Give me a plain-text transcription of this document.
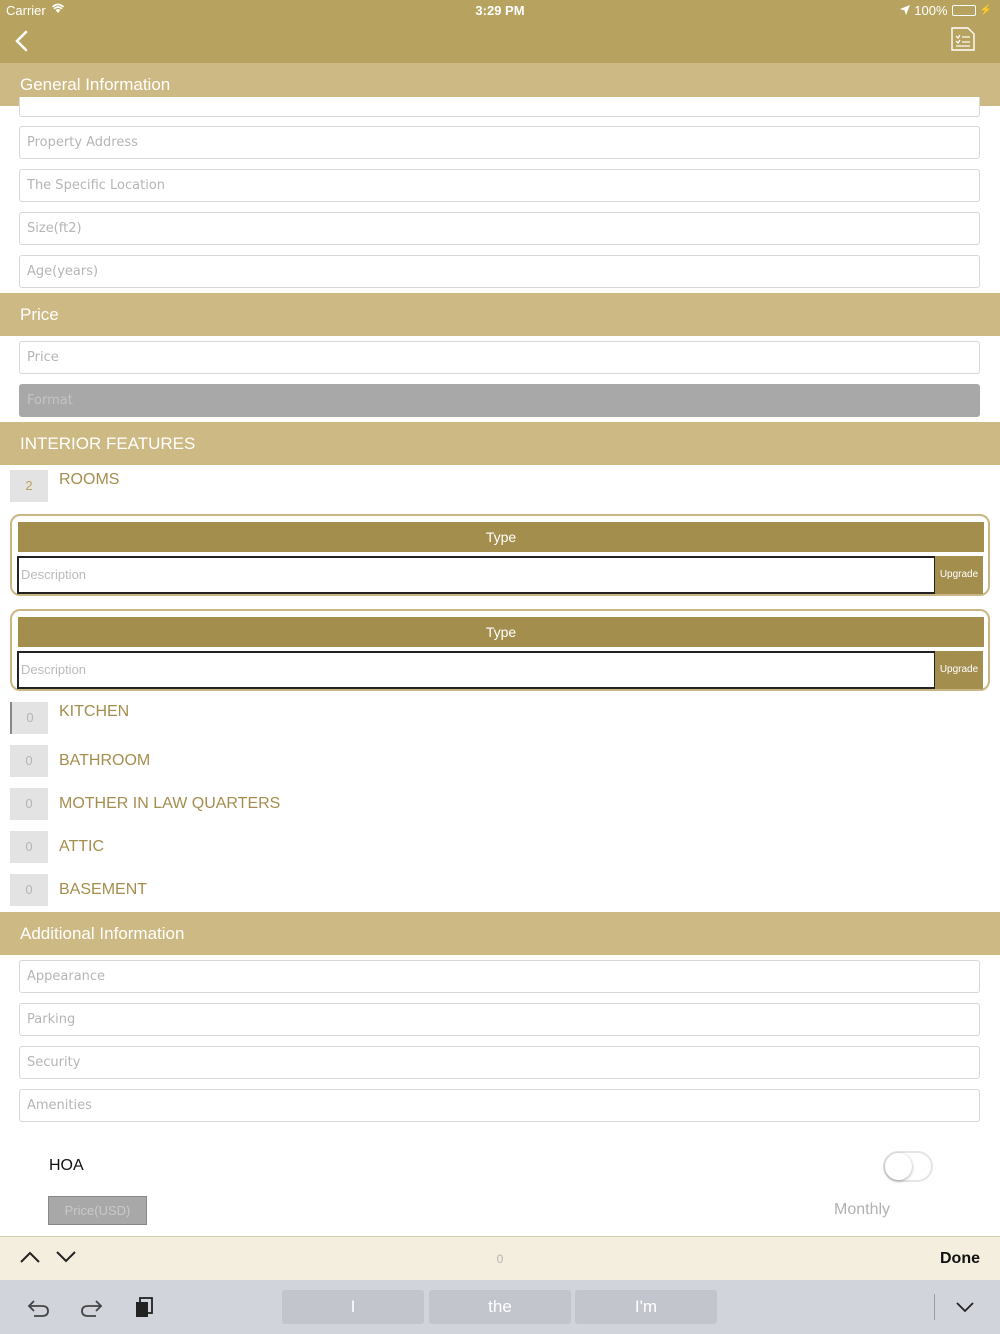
Carrier	3:29 PM	100%	⚡
General Information
Property Address
The Specific Location
Size(ft2)
Age(years)
Price
Price
Format
INTERIOR FEATURES
2	ROOMS
Type
Description	Upgrade
Type
Description	Upgrade
0	KITCHEN
0	BATHROOM
0	MOTHER IN LAW QUARTERS
0	ATTIC
0	BASEMENT
Additional Information
Appearance
Parking
Security
Amenities
HOA
Price(USD)	Monthly
0	Done
I	the	I'm
